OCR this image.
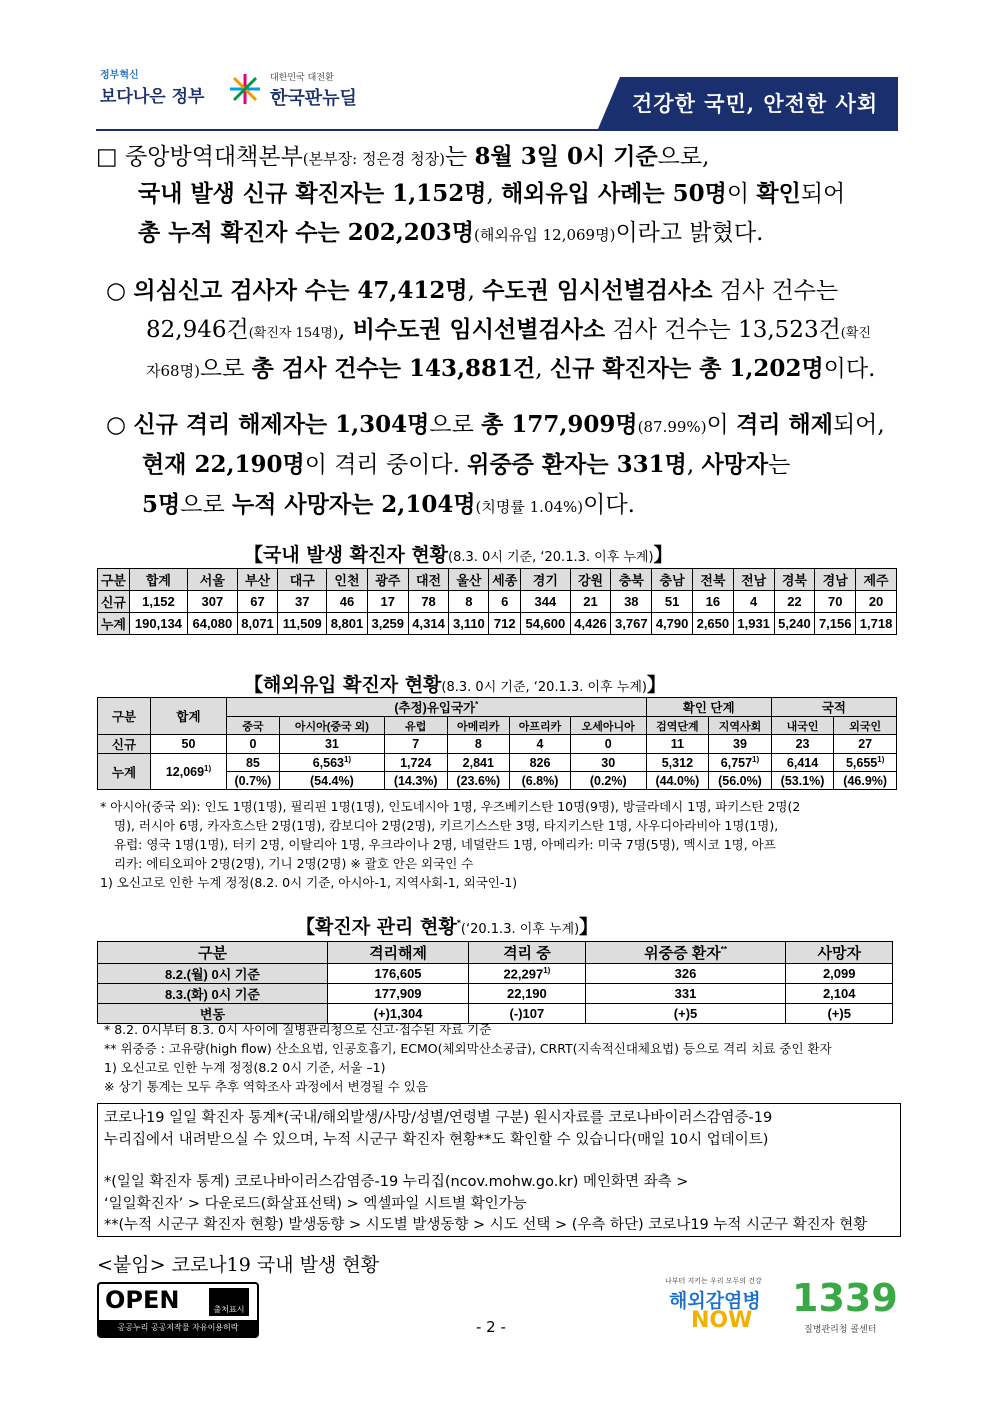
정부혁신
보다나은 정부
대한민국 대전환
한국판뉴딜	건강한 국민, 안전한 사회
□ 중앙방역대책본부(본부장: 정은경 청장)는 8월 3일 0시 기준으로,
국내 발생 신규 확진자는 1,152명, 해외유입 사례는 50명이 확인되어
총 누적 확진자 수는 202,203명(해외유입 12,069명)이라고 밝혔다.
○ 의심신고 검사자 수는 47,412명, 수도권 임시선별검사소 검사 건수는
82,946건(확진자 154명), 비수도권 임시선별검사소 검사 건수는 13,523건(확진
자68명)으로 총 검사 건수는 143,881건, 신규 확진자는 총 1,202명이다.
○ 신규 격리 해제자는 1,304명으로 총 177,909명(87.99%)이 격리 해제되어,
현재 22,190명이 격리 중이다. 위중증 환자는 331명, 사망자는
5명으로 누적 사망자는 2,104명(치명률 1.04%)이다.
【국내 발생 확진자 현황(8.3. 0시 기준, ‘20.1.3. 이후 누계)】
구분	합계	서울	부산	대구	인천	광주	대전	울산	세종	경기	강원	충북	충남	전북	전남	경북	경남	제주
신규	1,152	307	67	37	46	17	78	8	6	344	21	38	51	16	4	22	70	20
누계	190,134	64,080	8,071	11,509	8,801	3,259	4,314	3,110	712	54,600	4,426	3,767	4,790	2,650	1,931	5,240	7,156	1,718
【해외유입 확진자 현황(8.3. 0시 기준, ‘20.1.3. 이후 누계)】
구분	합계	(추정)유입국가*						확인 단계		국적	
		중국	아시아(중국 외)	유럽	아메리카	아프리카	오세아니아	검역단계	지역사회	내국인	외국인
신규	50	0	31	7	8	4	0	11	39	23	27
누계	12,069$^{1)}$	85	6,563$^{1)}$	1,724	2,841	826	30	5,312	6,757$^{1)}$	6,414	5,655$^{1)}$
		(0.7%)	(54.4%)	(14.3%)	(23.6%)	(6.8%)	(0.2%)	(44.0%)	(56.0%)	(53.1%)	(46.9%)
* 아시아(중국 외): 인도 1명(1명), 필리핀 1명(1명), 인도네시아 1명, 우즈베키스탄 10명(9명), 방글라데시 1명, 파키스탄 2명(2
명), 러시아 6명, 카자흐스탄 2명(1명), 캄보디아 2명(2명), 키르기스스탄 3명, 타지키스탄 1명, 사우디아라비아 1명(1명),
유럽: 영국 1명(1명), 터키 2명, 이탈리아 1명, 우크라이나 2명, 네덜란드 1명, 아메리카: 미국 7명(5명), 멕시코 1명, 아프
리카: 에티오피아 2명(2명), 기니 2명(2명) ※ 괄호 안은 외국인 수
1) 오신고로 인한 누계 정정(8.2. 0시 기준, 아시아-1, 지역사회-1, 외국인-1)
【확진자 관리 현황*(‘20.1.3. 이후 누계)】
구분	격리해제	격리 중	위중증 환자**	사망자
8.2.(월) 0시 기준	176,605	22,297$^{1)}$	326	2,099
8.3.(화) 0시 기준	177,909	22,190	331	2,104
변동	(+)1,304	(-)107	(+)5	(+)5
* 8.2. 0시부터 8.3. 0시 사이에 질병관리청으로 신고·접수된 자료 기준
** 위중증 : 고유량(high flow) 산소요법, 인공호흡기, ECMO(체외막산소공급), CRRT(지속적신대체요법) 등으로 격리 치료 중인 환자
1) 오신고로 인한 누계 정정(8.2 0시 기준, 서울 –1)
※ 상기 통계는 모두 추후 역학조사 과정에서 변경될 수 있음
코로나19 일일 확진자 통계*(국내/해외발생/사망/성별/연령별 구분) 원시자료를 코로나바이러스감염증-19
누리집에서 내려받으실 수 있으며, 누적 시군구 확진자 현황**도 확인할 수 있습니다(매일 10시 업데이트)
*(일일 확진자 통계) 코로나바이러스감염증-19 누리집(ncov.mohw.go.kr) 메인화면 좌측 >
‘일일확진자’ > 다운로드(화살표선택) > 엑셀파일 시트별 확인가능
**(누적 시군구 확진자 현황) 발생동향 > 시도별 발생동향 > 시도 선택 > (우측 하단) 코로나19 누적 시군구 확진자 현황
<붙임> 코로나19 국내 발생 현황
OPEN	출처표시
공공누리 공공저작물 자유이용허락	- 2 -
나부터 지키는 우리 모두의 건강
해외감염병
NOW
1339
질병관리청 콜센터
